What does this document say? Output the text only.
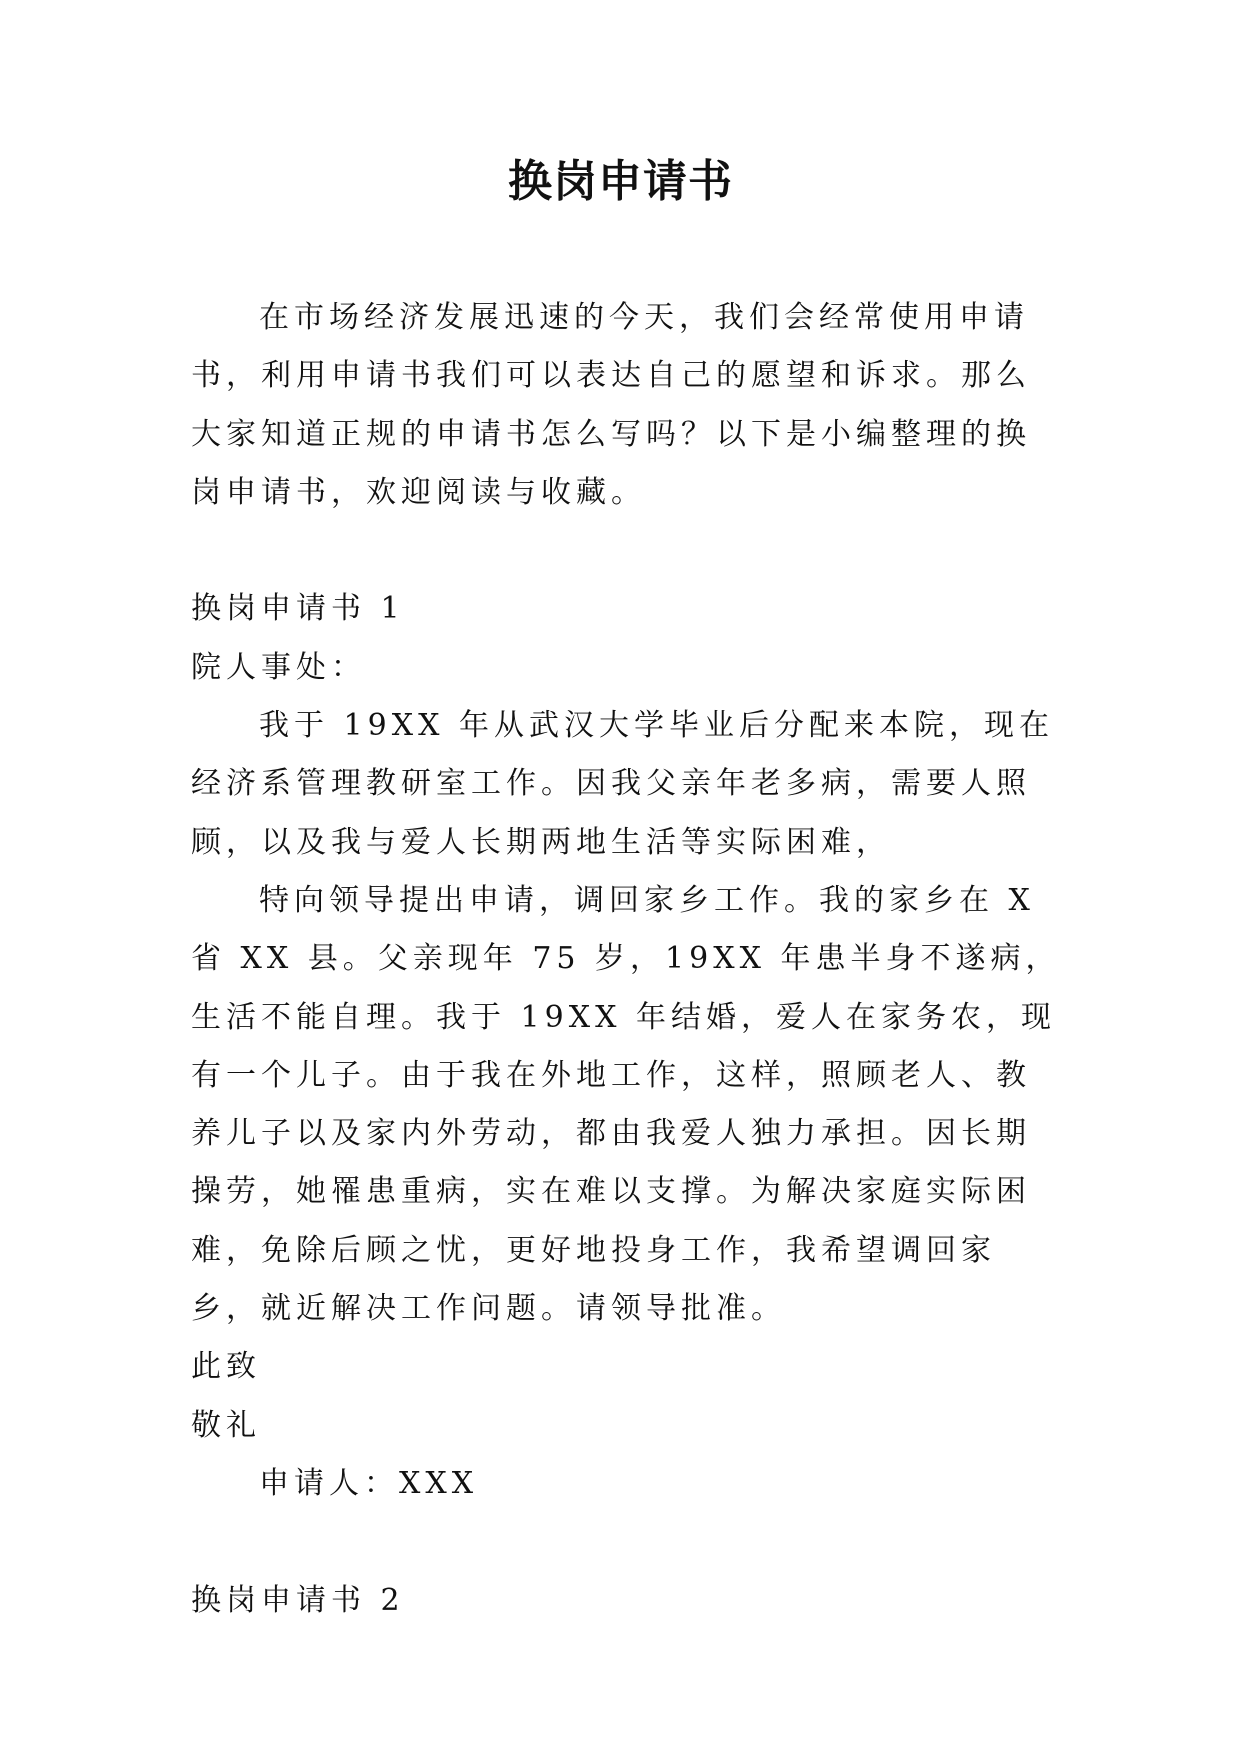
换岗申请书

在市场经济发展迅速的今天，我们会经常使用申请书，利用申请书我们可以表达自己的愿望和诉求。那么大家知道正规的申请书怎么写吗？以下是小编整理的换岗申请书，欢迎阅读与收藏。

换岗申请书 1

院人事处：

我于 19XX 年从武汉大学毕业后分配来本院，现在经济系管理教研室工作。因我父亲年老多病，需要人照顾，以及我与爱人长期两地生活等实际困难，

特向领导提出申请，调回家乡工作。我的家乡在 X 省 XX 县。父亲现年 75 岁，19XX 年患半身不遂病，生活不能自理。我于 19XX 年结婚，爱人在家务农，现有一个儿子。由于我在外地工作，这样，照顾老人、教养儿子以及家内外劳动，都由我爱人独力承担。因长期操劳，她罹患重病，实在难以支撑。为解决家庭实际困难，免除后顾之忧，更好地投身工作，我希望调回家乡，就近解决工作问题。请领导批准。

此致

敬礼

申请人：XXX

换岗申请书 2
